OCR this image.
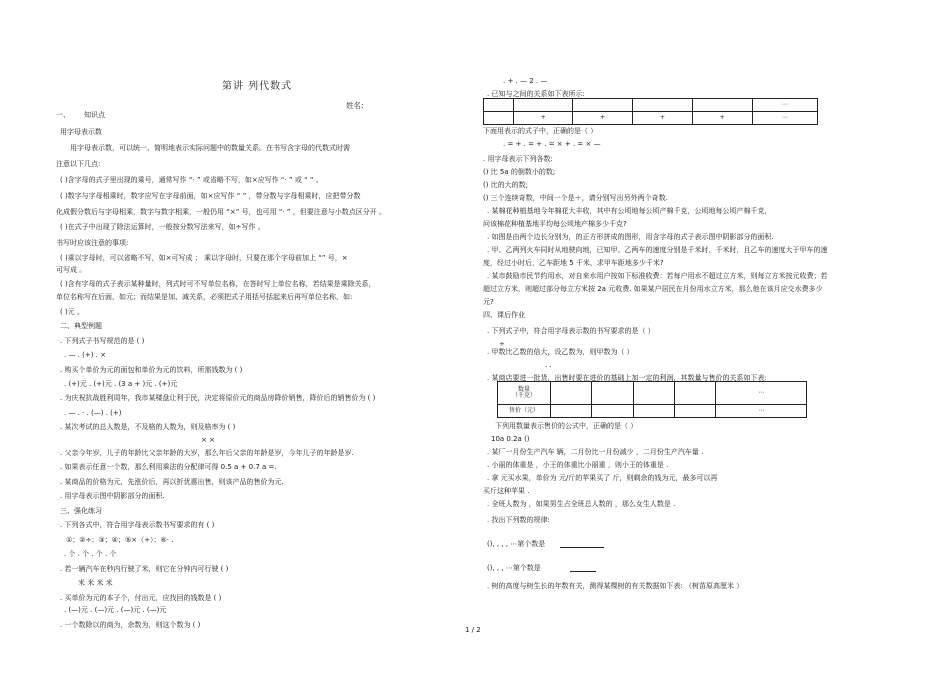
第讲 列代数式
姓名:
一、 知识点
用字母表示数
用字母表示数，可以统一、简明地表示实际问题中的数量关系。在书写含字母的代数式时需
注意以下几点:
( )含字母的式子里出现的乘号，通常写作 “· ” 或省略不写，如×应写作 “· ” 或 “ ” 。
( )数字与字母相乘时，数字应写在字母前面，如×应写作 “ ” ，带分数与字母相乘时，应把带分数
化成假分数后与字母相乘，数字与数字相乘，一般仍用 “×” 号，也可用 “· ” ，但要注意与小数点区分开 。
( )在式子中出现了除法运算时，一般按分数写法来写，如÷写作 。
书写时应该注意的事项:
( )乘以字母时，可以省略不写，如×可写成 ； 乘以字母时，只要在那个字母前加上 “” 号，×
可写成 。
( )含有字母的式子表示某种量时，列式时可不写单位名称，在答时写上单位名称，若结果是乘除关系，
单位名称写在后面，如元；而结果是加、减关系，必须把式子用括号括起来后再写单位名称，如:
( )元 。
二、典型例题
. 下列式子书写规范的是 ( )
. — . (+) . ×
. 购买个单价为元的面包和单价为元的饮料，所需钱数为 ( )
. (+)元 . (+)元 . (3 a + )元 . (+)元
. 为庆祝抗战胜利周年，我市某楼盘让利于民，决定将原价元的商品房降价销售，降价后的销售价为 ( )
. — . · . (—) . (+)
. 某次考试的总人数是，不及格的人数为，则及格率为 ( )
× ×
. 父亲今年岁，儿子的年龄比父亲年龄的大岁，那么年后父亲的年龄是岁，今年儿子的年龄是岁.
. 如果表示任意一个数，那么利用乘法的分配律可得 0.5 a + 0.7 a =.
. 某商品的价格为元，先涨价后，再以折优惠出售，则该产品的售价为元.
. 用字母表示图中阴影部分的面积.
三、强化练习
. 下列各式中，符合用字母表示数书写要求的有 ( )
①；②÷；③；④；⑤×（+）；⑥· .
. 个 . 个 . 个 . 个
. 若一辆汽车在秒内行驶了米，则它在分钟内可行驶 ( )
米 米 米 米
. 买单价为元的本子个，付出元，应找回的钱数是 ( )
. (—)元 . (—)元 . (—)元 . (—)元
. 一个数除以的商为，余数为，则这个数为 ( )
. + . — 2 . —
. 已知与之间的关系如下表所示:
下面用表示的式子中，正确的是（ ）
. = + . = + . = × + . = × —
. 用字母表示下列各数:
() 比 5a 的倒数小的数;
() 比的大的数;
() 三个连续奇数，中间一个是＋，请分别写出另外两个奇数.
. 某棉花种植基地今年棉花大丰收，其中有公顷地每公顷产棉千克，公顷地每公顷产棉千克，
问该棉花种植基地平均每公顷地产棉多少千克?
. 如图是由两个边长分别为，的正方形拼成的图形，用含字母的式子表示图中阴影部分的面积.
. 甲、乙两列火车同时从地驶向地，已知甲、乙两车的速度分别是千米时、千米时，且乙车的速度大于甲车的速
度，经过小时后，乙车距地 5 千米，求甲车距地多少千米?
. 某市鼓励市民节约用水，对自来水用户按如下标准收费：若每户用水不超过立方米，则每立方米按元收费；若
超过立方米，则超过部分每立方米按 2a 元收费. 如果某户居民在月份用水立方米，那么他在该月应交水费多少
元?
四、课后作业
. 下列式子中，符合用字母表示数的书写要求的是（ ）
÷
. 甲数比乙数的倍大，设乙数为，则甲数为（ ）
. .
. 某商店要进一批货，出售时要在进价的基础上加一定的利润，其数量与售价的关系如下表:
下列用数量表示售价的公式中，正确的是（ ）
10a 0.2a ()
. 某厂一月份生产汽车 辆，二月份比一月份减少 ，二月份生产汽车量 .
. 小丽的体重是 ，小王的体重比小丽重 ，则小王的体重是 .
. 拿 元买水果，单价为 元/斤的苹果买了 斤，则剩余的钱为元，最多可以再
买斤这种苹果 .
. 全班人数为 ，如果男生占全班总人数的 ，那么女生人数是 .
. 找出下列数的规律:
(), , , , ⋯第个数是
(), , , ⋯第个数是
. 树的高度与树生长的年数有关，测得某棵树的有关数据如下表: （树苗原高厘米 ）
					⋯
	+	+	+	+	⋯
数量
（千克）					⋯
售价（元）					⋯
1 / 2
